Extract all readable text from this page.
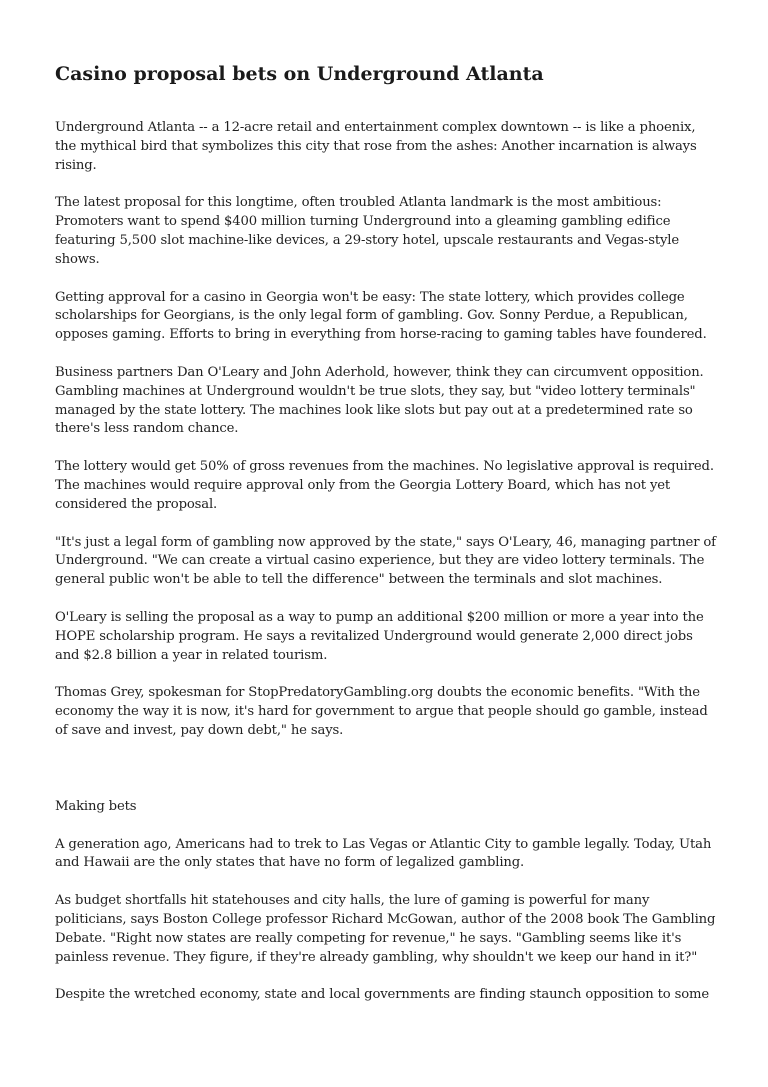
Casino proposal bets on Underground Atlanta

Underground Atlanta -- a 12-acre retail and entertainment complex downtown -- is like a phoenix, the mythical bird that symbolizes this city that rose from the ashes: Another incarnation is always rising.

The latest proposal for this longtime, often troubled Atlanta landmark is the most ambitious: Promoters want to spend $400 million turning Underground into a gleaming gambling edifice featuring 5,500 slot machine-like devices, a 29-story hotel, upscale restaurants and Vegas-style shows.

Getting approval for a casino in Georgia won't be easy: The state lottery, which provides college scholarships for Georgians, is the only legal form of gambling. Gov. Sonny Perdue, a Republican, opposes gaming. Efforts to bring in everything from horse-racing to gaming tables have foundered.

Business partners Dan O'Leary and John Aderhold, however, think they can circumvent opposition. Gambling machines at Underground wouldn't be true slots, they say, but "video lottery terminals" managed by the state lottery. The machines look like slots but pay out at a predetermined rate so there's less random chance.

The lottery would get 50% of gross revenues from the machines. No legislative approval is required. The machines would require approval only from the Georgia Lottery Board, which has not yet considered the proposal.

"It's just a legal form of gambling now approved by the state," says O'Leary, 46, managing partner of Underground. "We can create a virtual casino experience, but they are video lottery terminals. The general public won't be able to tell the difference" between the terminals and slot machines.

O'Leary is selling the proposal as a way to pump an additional $200 million or more a year into the HOPE scholarship program. He says a revitalized Underground would generate 2,000 direct jobs and $2.8 billion a year in related tourism.

Thomas Grey, spokesman for StopPredatoryGambling.org doubts the economic benefits. "With the economy the way it is now, it's hard for government to argue that people should go gamble, instead of save and invest, pay down debt," he says.

Making bets

A generation ago, Americans had to trek to Las Vegas or Atlantic City to gamble legally. Today, Utah and Hawaii are the only states that have no form of legalized gambling.

As budget shortfalls hit statehouses and city halls, the lure of gaming is powerful for many politicians, says Boston College professor Richard McGowan, author of the 2008 book The Gambling Debate. "Right now states are really competing for revenue," he says. "Gambling seems like it's painless revenue. They figure, if they're already gambling, why shouldn't we keep our hand in it?"

Despite the wretched economy, state and local governments are finding staunch opposition to some
